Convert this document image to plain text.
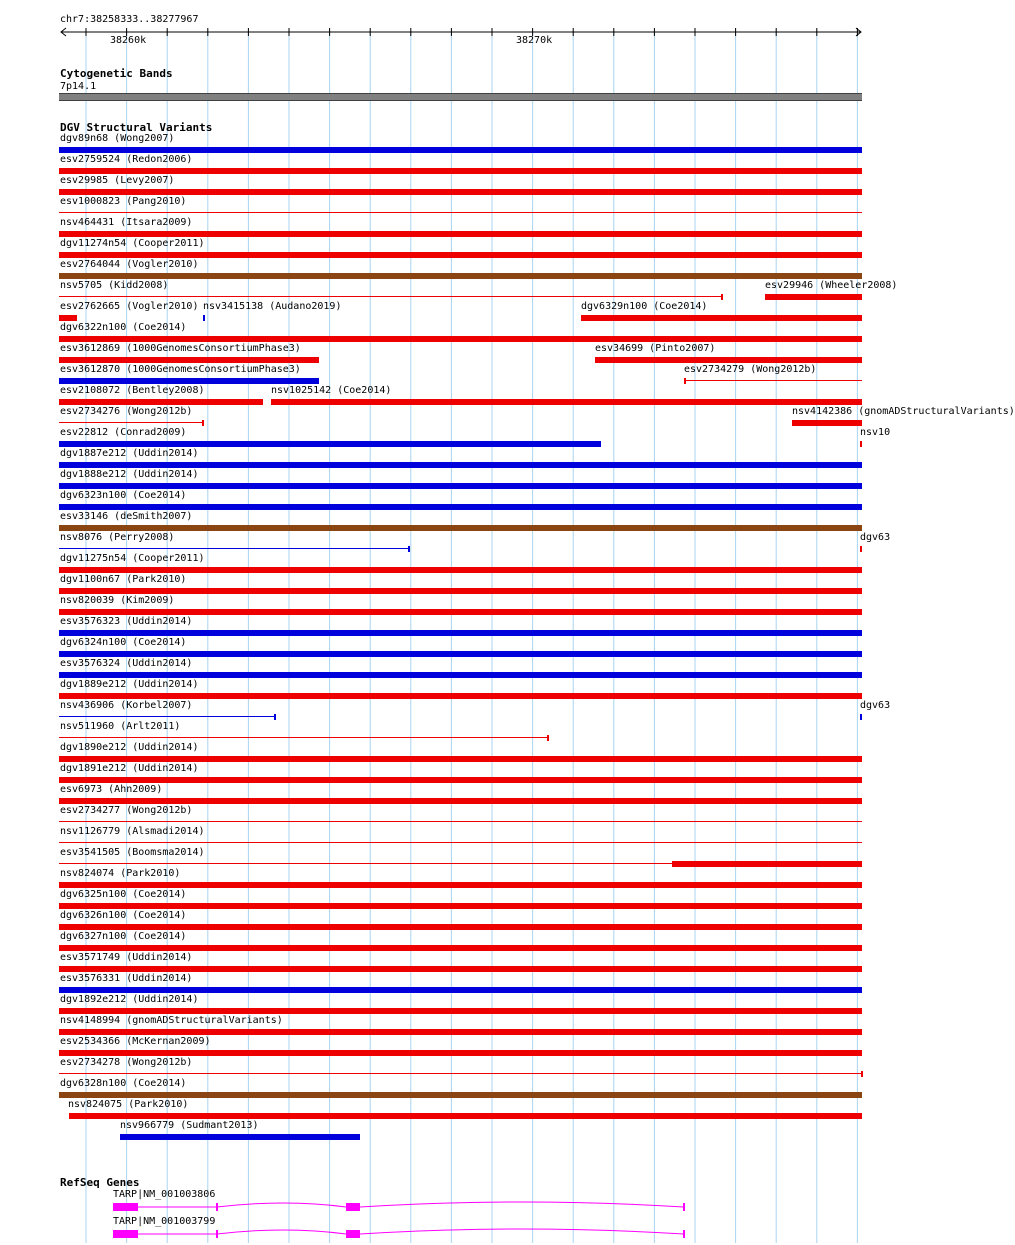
chr7:38258333..38277967
38260k	38270k
Cytogenetic Bands
7p14.1
DGV Structural Variants
dgv89n68 (Wong2007)
esv2759524 (Redon2006)
esv29985 (Levy2007)
esv1000823 (Pang2010)
nsv464431 (Itsara2009)
dgv11274n54 (Cooper2011)
esv2764044 (Vogler2010)
nsv5705 (Kidd2008)	esv29946 (Wheeler2008)
esv2762665 (Vogler2010) nsv3415138 (Audano2019)	dgv6329n100 (Coe2014)
dgv6322n100 (Coe2014)
esv3612869 (1000GenomesConsortiumPhase3)	esv34699 (Pinto2007)
esv3612870 (1000GenomesConsortiumPhase3)	esv2734279 (Wong2012b)
esv2108072 (Bentley2008)	nsv1025142 (Coe2014)
esv2734276 (Wong2012b)	nsv4142386 (gnomADStructuralVariants)
esv22812 (Conrad2009)	nsv10
dgv1887e212 (Uddin2014)
dgv1888e212 (Uddin2014)
dgv6323n100 (Coe2014)
esv33146 (deSmith2007)
nsv8076 (Perry2008)	dgv63
dgv11275n54 (Cooper2011)
dgv1100n67 (Park2010)
nsv820039 (Kim2009)
esv3576323 (Uddin2014)
dgv6324n100 (Coe2014)
esv3576324 (Uddin2014)
dgv1889e212 (Uddin2014)
nsv436906 (Korbel2007)	dgv63
nsv511960 (Arlt2011)
dgv1890e212 (Uddin2014)
dgv1891e212 (Uddin2014)
esv6973 (Ahn2009)
esv2734277 (Wong2012b)
nsv1126779 (Alsmadi2014)
esv3541505 (Boomsma2014)
nsv824074 (Park2010)
dgv6325n100 (Coe2014)
dgv6326n100 (Coe2014)
dgv6327n100 (Coe2014)
esv3571749 (Uddin2014)
esv3576331 (Uddin2014)
dgv1892e212 (Uddin2014)
nsv4148994 (gnomADStructuralVariants)
esv2534366 (McKernan2009)
esv2734278 (Wong2012b)
dgv6328n100 (Coe2014)
nsv824075 (Park2010)
nsv966779 (Sudmant2013)
RefSeq Genes
TARP|NM_001003806
TARP|NM_001003799
